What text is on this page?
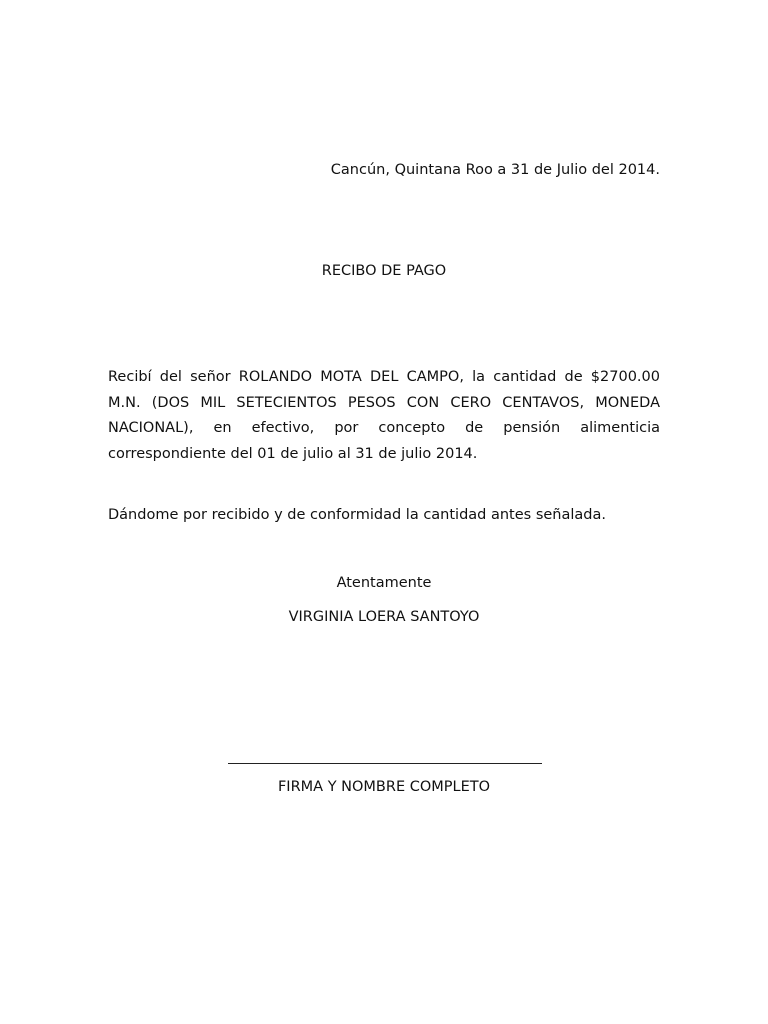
Cancún, Quintana Roo a 31 de Julio del 2014.
RECIBO DE PAGO
Recibí del señor ROLANDO MOTA DEL CAMPO, la cantidad de $2700.00 M.N. (DOS MIL SETECIENTOS PESOS CON CERO CENTAVOS, MONEDA NACIONAL), en efectivo, por concepto de pensión alimenticia correspondiente del 01 de julio al 31 de julio 2014.
Dándome por recibido y de conformidad la cantidad antes señalada.
Atentamente
VIRGINIA LOERA SANTOYO
FIRMA Y NOMBRE COMPLETO
